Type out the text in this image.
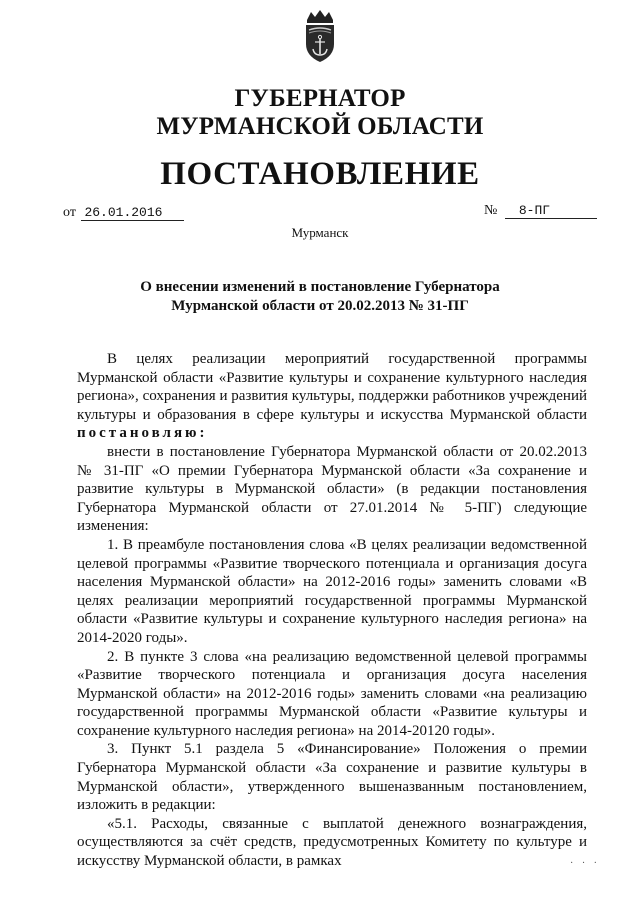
ГУБЕРНАТОР
МУРМАНСКОЙ ОБЛАСТИ
ПОСТАНОВЛЕНИЕ
от 26.01.2016	№ 8-ПГ
Мурманск
О внесении изменений в постановление Губернатора
Мурманской области от 20.02.2013 № 31-ПГ

В целях реализации мероприятий государственной программы Мурманской области «Развитие культуры и сохранение культурного наследия региона», сохранения и развития культуры, поддержки работников учреждений культуры и образования в сфере культуры и искусства Мурманской области постановляю:

внести в постановление Губернатора Мурманской области от 20.02.2013 № 31-ПГ «О премии Губернатора Мурманской области «За сохранение и развитие культуры в Мурманской области» (в редакции постановления Губернатора Мурманской области от 27.01.2014 № 5-ПГ) следующие изменения:

1. В преамбуле постановления слова «В целях реализации ведомственной целевой программы «Развитие творческого потенциала и организация досуга населения Мурманской области» на 2012-2016 годы» заменить словами «В целях реализации мероприятий государственной программы Мурманской области «Развитие культуры и сохранение культурного наследия региона» на 2014-2020 годы».

2. В пункте 3 слова «на реализацию ведомственной целевой программы «Развитие творческого потенциала и организация досуга населения Мурманской области» на 2012-2016 годы» заменить словами «на реализацию государственной программы Мурманской области «Развитие культуры и сохранение культурного наследия региона» на 2014-20120 годы».

3. Пункт 5.1 раздела 5 «Финансирование» Положения о премии Губернатора Мурманской области «За сохранение и развитие культуры в Мурманской области», утвержденного вышеназванным постановлением, изложить в редакции:

«5.1. Расходы, связанные с выплатой денежного вознаграждения, осуществляются за счёт средств, предусмотренных Комитету по культуре и искусству Мурманской области, в рамках	· · ·
